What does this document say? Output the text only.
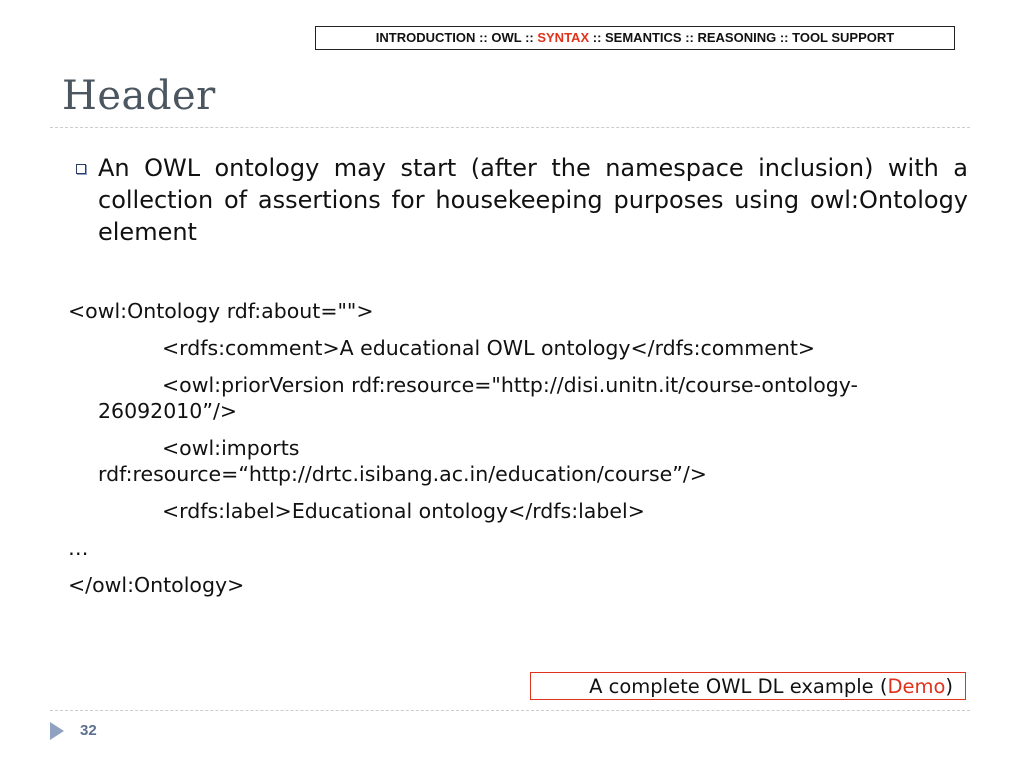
INTRODUCTION :: OWL :: SYNTAX :: SEMANTICS :: REASONING :: TOOL SUPPORT
Header
An OWL ontology may start (after the namespace inclusion) with a collection of assertions for housekeeping purposes using owl:Ontology element
<owl:Ontology rdf:about="">
<rdfs:comment>A educational OWL ontology</rdfs:comment>
<owl:priorVersion rdf:resource="http://disi.unitn.it/course-ontology-
26092010”/>
<owl:imports
rdf:resource=“http://drtc.isibang.ac.in/education/course”/>
<rdfs:label>Educational ontology</rdfs:label>
…
</owl:Ontology>
A complete OWL DL example (Demo)
32
